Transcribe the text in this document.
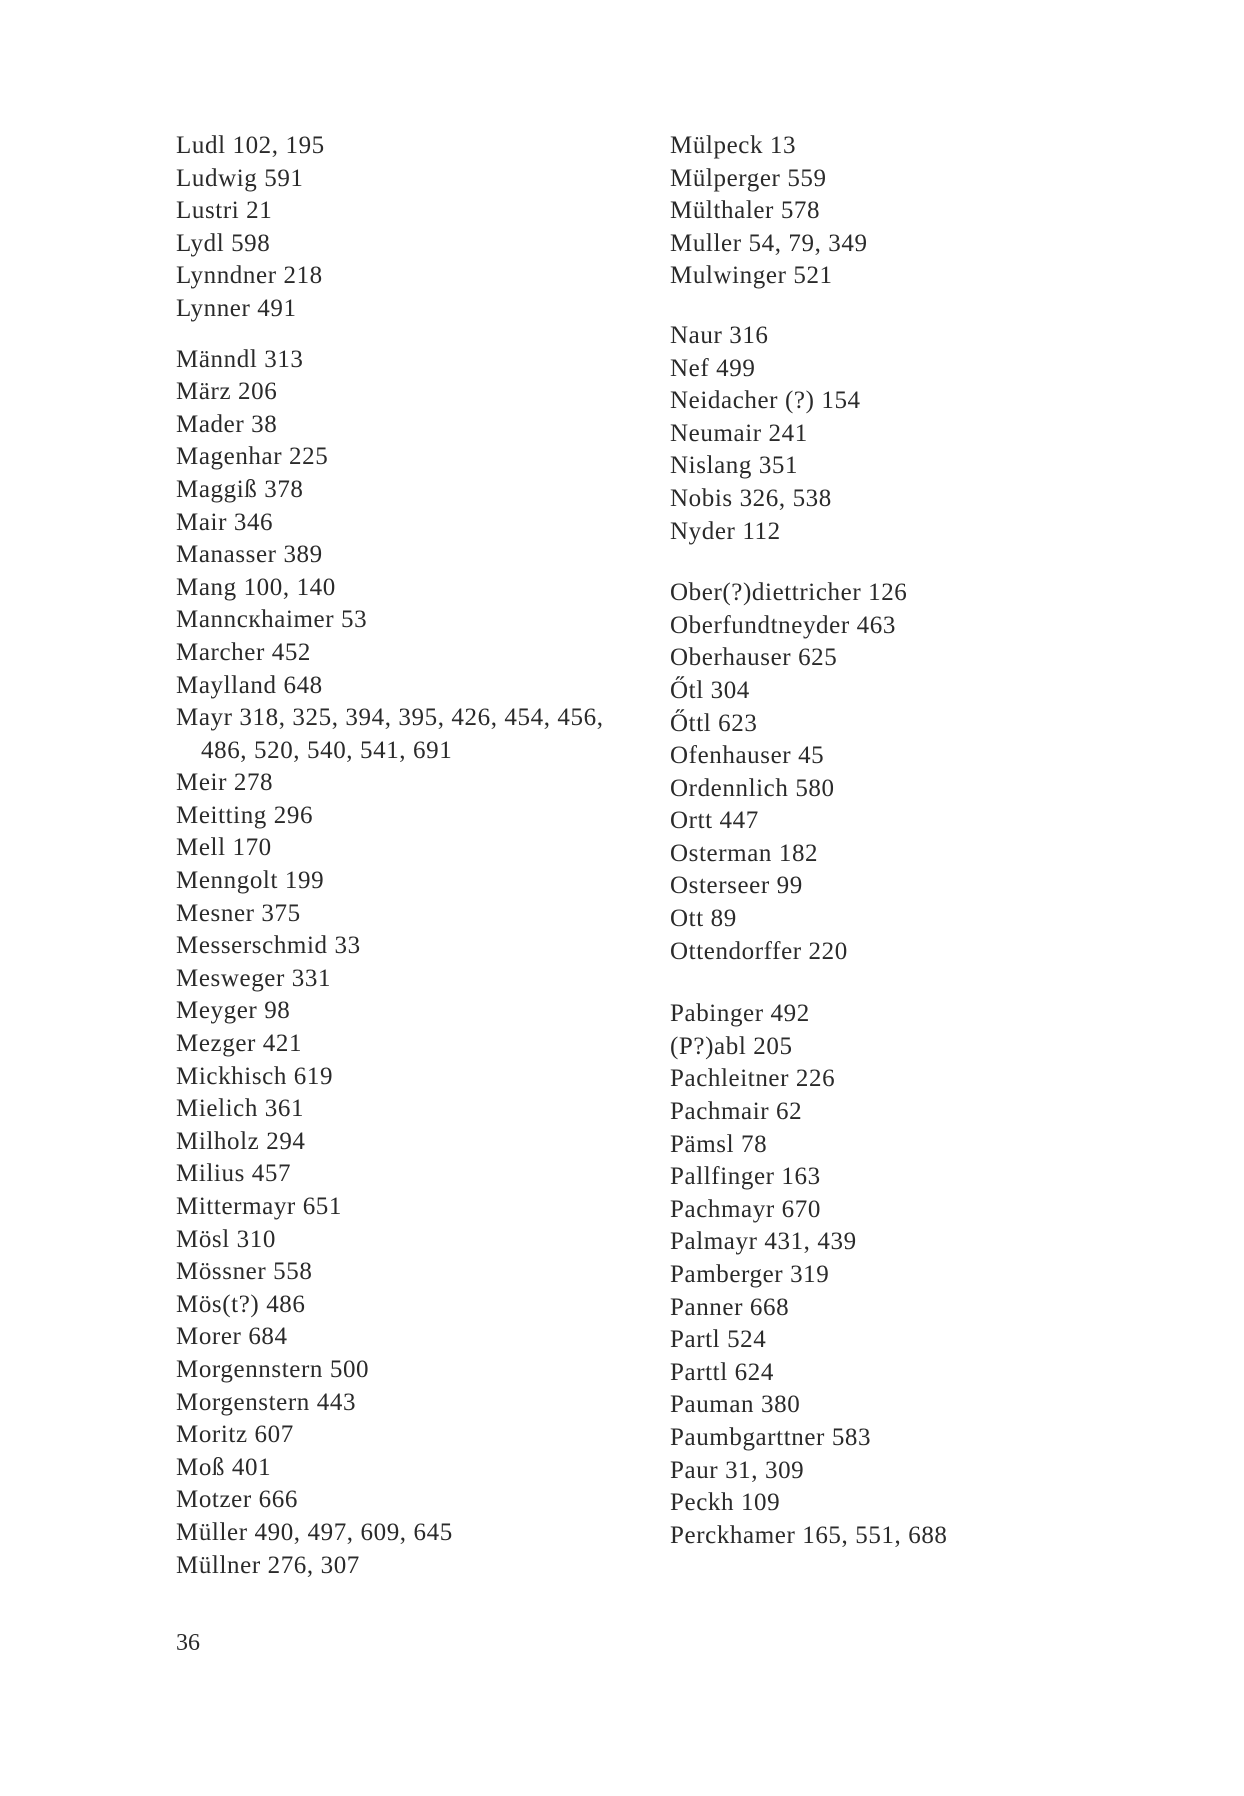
Ludl 102, 195
Ludwig 591
Lustri 21
Lydl 598
Lynndner 218
Lynner 491
Männdl 313
März 206
Mader 38
Magenhar 225
Maggiß 378
Mair 346
Manasser 389
Mang 100, 140
Manncкhaimer 53
Marcher 452
Maylland 648
Mayr 318, 325, 394, 395, 426, 454, 456,
486, 520, 540, 541, 691
Meir 278
Meitting 296
Mell 170
Menngolt 199
Mesner 375
Messerschmid 33
Mesweger 331
Meyger 98
Mezger 421
Mickhisch 619
Mielich 361
Milholz 294
Milius 457
Mittermayr 651
Mösl 310
Mössner 558
Mös(t?) 486
Morer 684
Morgennstern 500
Morgenstern 443
Moritz 607
Moß 401
Motzer 666
Müller 490, 497, 609, 645
Müllner 276, 307
Mülpeck 13
Mülperger 559
Mülthaler 578
Muller 54, 79, 349
Mulwinger 521
Naur 316
Nef 499
Neidacher (?) 154
Neumair 241
Nislang 351
Nobis 326, 538
Nyder 112
Ober(?)diettricher 126
Oberfundtneyder 463
Oberhauser 625
Őtl 304
Őttl 623
Ofenhauser 45
Ordennlich 580
Ortt 447
Osterman 182
Osterseer 99
Ott 89
Ottendorffer 220
Pabinger 492
(P?)abl 205
Pachleitner 226
Pachmair 62
Pämsl 78
Pallfinger 163
Pachmayr 670
Palmayr 431, 439
Pamberger 319
Panner 668
Partl 524
Parttl 624
Pauman 380
Paumbgarttner 583
Paur 31, 309
Peckh 109
Perckhamer 165, 551, 688
36
